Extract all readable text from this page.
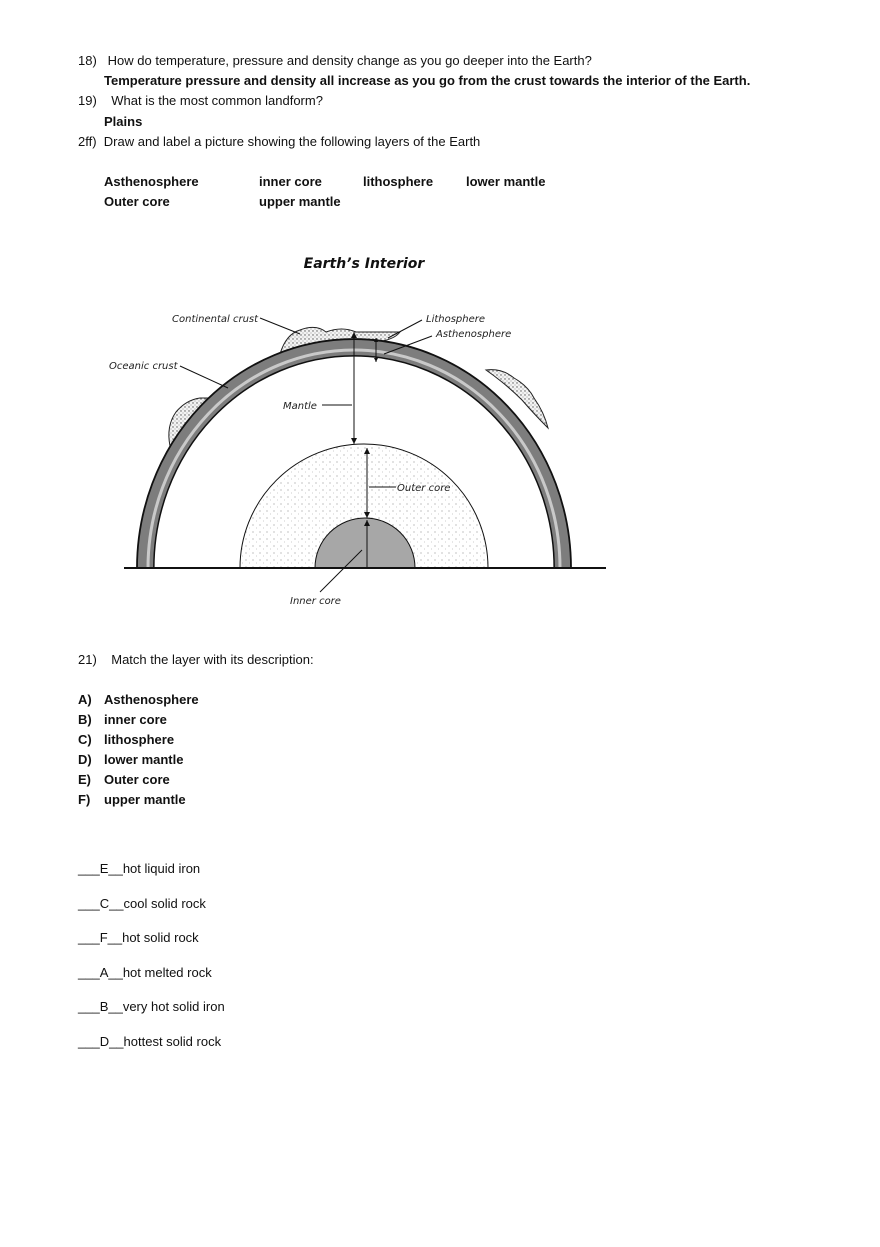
18) How do temperature, pressure and density change as you go deeper into the Earth?
Temperature pressure and density all increase as you go from the crust towards the interior of the Earth.
19) What is the most common landform?
Plains
2ff) Draw and label a picture showing the following layers of the Earth
Asthenosphere	inner core	lithosphere	lower mantle
Outer core	upper mantle
Earth’s Interior
Continental crust
Oceanic crust
Lithosphere
Asthenosphere
Mantle
Outer core
Inner core
21) Match the layer with its description:
A) Asthenosphere
B) inner core
C) lithosphere
D) lower mantle
E) Outer core
F) upper mantle
___E__hot liquid iron
___C__cool solid rock
___F__hot solid rock
___A__hot melted rock
___B__very hot solid iron
___D__hottest solid rock
